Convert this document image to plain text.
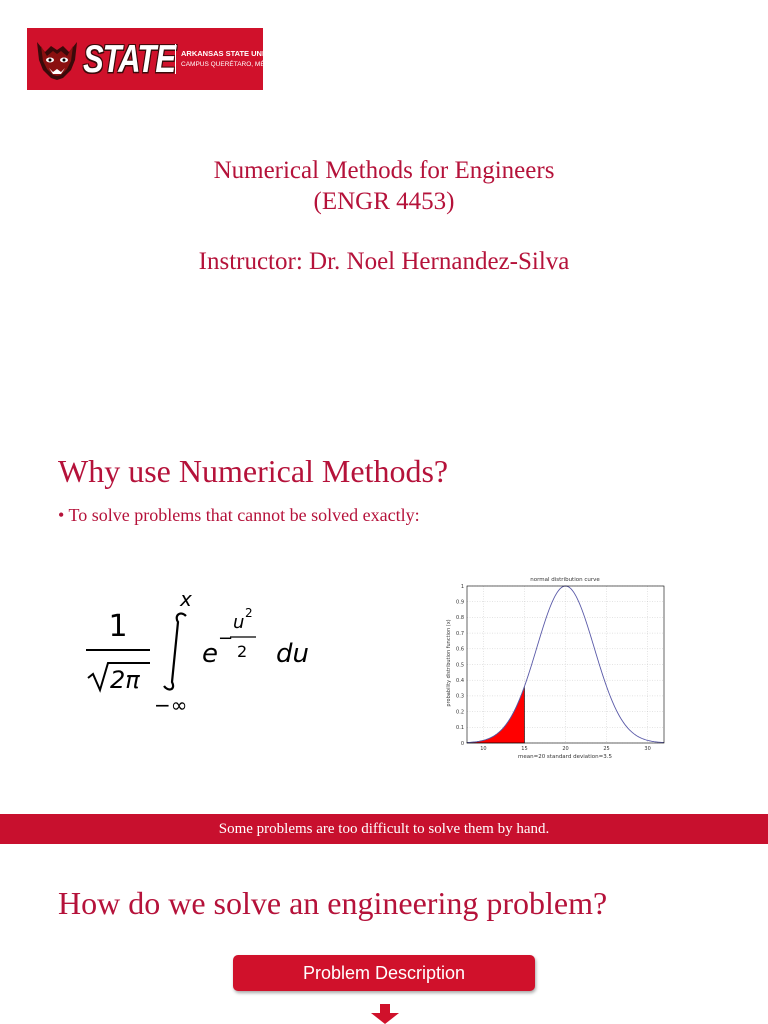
STATE ARKANSAS STATE UNIVERSITY
CAMPUS QUERÉTARO, MÉXICO.
Numerical Methods for Engineers
(ENGR 4453)
Instructor: Dr. Noel Hernandez-Silva
Why use Numerical Methods?
• To solve problems that cannot be solved exactly:
1
2π
x
−∞
e
−
u 2
2 du
normal distribution curve
10	15	20	25	30
0
0.1
0.2
0.3
0.4
0.5
0.6
0.7
0.8
0.9
1
probability distribution function (x)
mean=20 standard deviation=3.5
Some problems are too difficult to solve them by hand.
How do we solve an engineering problem?
Problem Description
